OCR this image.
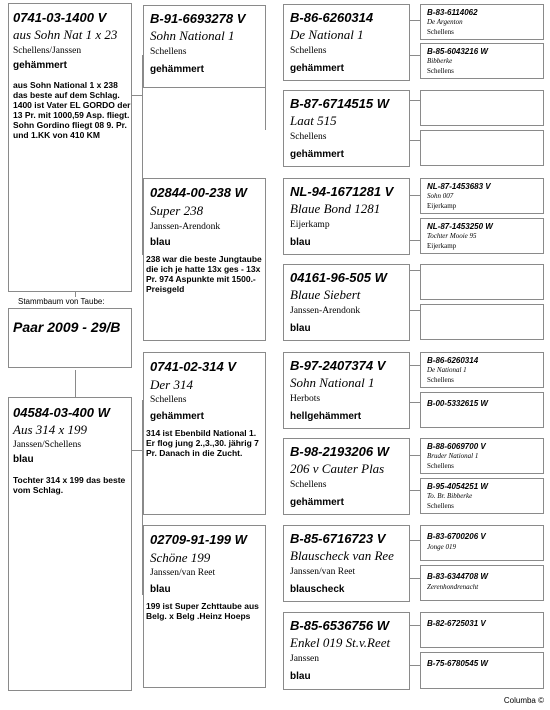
0741-03-1400 V
aus Sohn Nat 1 x 23
Schellens/Janssen
gehämmert
aus Sohn National 1 x 238 das beste auf dem Schlag. 1400 ist Vater EL GORDO der 13 Pr. mit 1000,59 Asp. fliegt. Sohn Gordino fliegt 08 9. Pr. und 1.KK von 410 KM
Stammbaum von Taube:
Paar 2009 - 29/B
04584-03-400 W
Aus 314 x 199
Janssen/Schellens
blau
Tochter 314 x 199 das beste vom Schlag.
B-91-6693278 V
Sohn National 1
Schellens
gehämmert
02844-00-238 W
Super 238
Janssen-Arendonk
blau
238 war die beste Jungtaube die ich je hatte 13x ges - 13x Pr. 974 Aspunkte mit 1500.- Preisgeld
0741-02-314 V
Der 314
Schellens
gehämmert
314 ist Ebenbild National 1. Er flog jung 2.,3.,30. jährig 7 Pr. Danach in die Zucht.
02709-91-199 W
Schöne 199
Janssen/van Reet
blau
199 ist Super Zchttaube aus Belg. x Belg .Heinz Hoeps
B-86-6260314
De National 1
Schellens
gehämmert
B-87-6714515 W
Laat 515
Schellens
gehämmert
NL-94-1671281 V
Blaue Bond 1281
Eijerkamp
blau
04161-96-505 W
Blaue Siebert
Janssen-Arendonk
blau
B-97-2407374 V
Sohn National 1
Herbots
hellgehämmert
B-98-2193206 W
206 v Cauter Plas
Schellens
gehämmert
B-85-6716723 V
Blauscheck van Ree
Janssen/van Reet
blauscheck
B-85-6536756 W
Enkel 019 St.v.Reet
Janssen
blau
B-83-6114062
De Argenton
Schellens
B-85-6043216 W
Bibberke
Schellens
NL-87-1453683 V
Sohn 007
Eijerkamp
NL-87-1453250 W
Tochter Mooie 95
Eijerkamp
B-86-6260314
De National 1
Schellens
B-00-5332615 W
B-88-6069700 V
Bruder National 1
Schellens
B-95-4054251 W
To. Br. Bibberke
Schellens
B-83-6700206 V
Jonge 019
B-83-6344708 W
Zerenhondrenacht
B-82-6725031 V
B-75-6780545 W
Columba ©
